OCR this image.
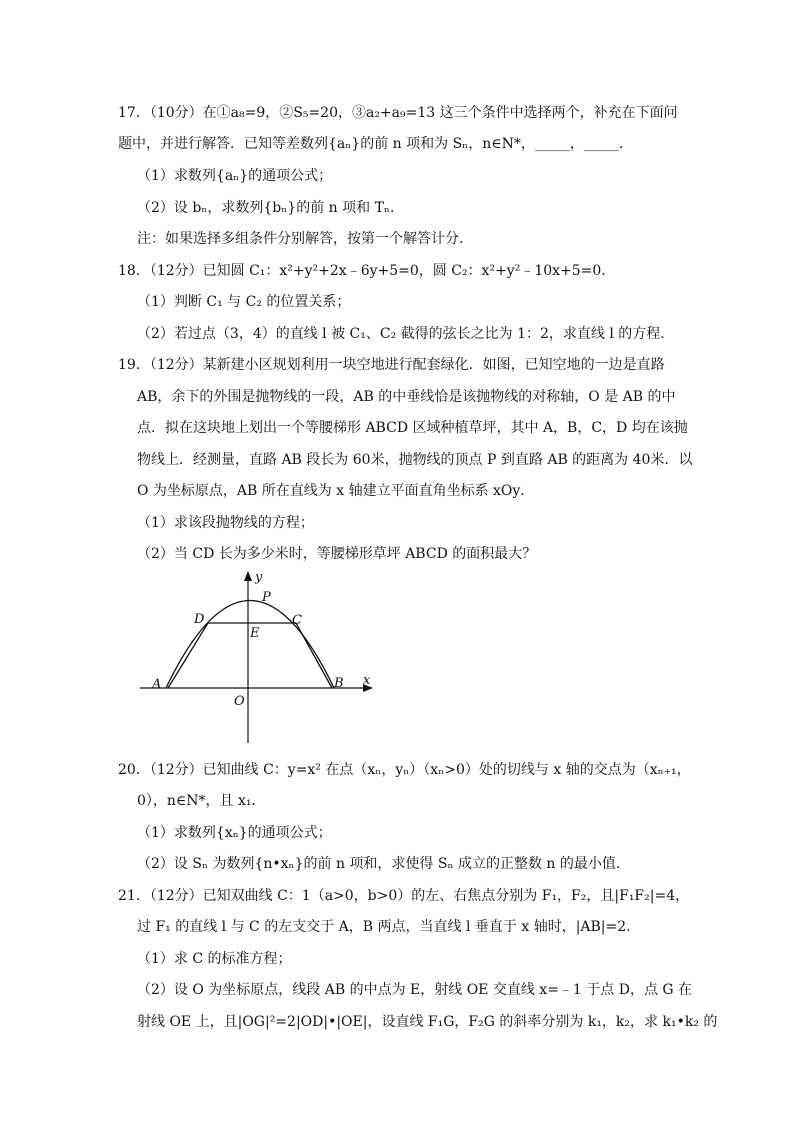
17．（10分）在①a₈=9，②S₅=20，③a₂+a₉=13 这三个条件中选择两个，补充在下面问
题中，并进行解答．已知等差数列{aₙ}的前 n 项和为 Sₙ，n∈N*，_____，_____．
（1）求数列{aₙ}的通项公式；
（2）设 bₙ，求数列{bₙ}的前 n 项和 Tₙ．
注：如果选择多组条件分别解答，按第一个解答计分．
18．（12分）已知圆 C₁：x²+y²+2x﹣6y+5=0，圆 C₂：x²+y²﹣10x+5=0．
（1）判断 C₁ 与 C₂ 的位置关系；
（2）若过点（3，4）的直线 l 被 C₁、C₂ 截得的弦长之比为 1：2，求直线 l 的方程．
19．（12分）某新建小区规划利用一块空地进行配套绿化．如图，已知空地的一边是直路
AB，余下的外围是抛物线的一段，AB 的中垂线恰是该抛物线的对称轴，O 是 AB 的中
点．拟在这块地上划出一个等腰梯形 ABCD 区域种植草坪，其中 A，B，C，D 均在该抛
物线上．经测量，直路 AB 段长为 60米，抛物线的顶点 P 到直路 AB 的距离为 40米．以
O 为坐标原点，AB 所在直线为 x 轴建立平面直角坐标系 xOy．
（1）求该段抛物线的方程；
（2）当 CD 长为多少米时，等腰梯形草坪 ABCD 的面积最大？
y
x
P
D	C
E
A	B
O
20．（12分）已知曲线 C：y=x² 在点（xₙ，yₙ）（xₙ>0）处的切线与 x 轴的交点为（xₙ₊₁，
0），n∈N*，且 x₁．
（1）求数列{xₙ}的通项公式；
（2）设 Sₙ 为数列{n•xₙ}的前 n 项和，求使得 Sₙ 成立的正整数 n 的最小值．
21．（12分）已知双曲线 C：1（a>0，b>0）的左、右焦点分别为 F₁，F₂，且|F₁F₂|=4，
过 F₁ 的直线 l 与 C 的左支交于 A，B 两点，当直线 l 垂直于 x 轴时，|AB|=2．
（1）求 C 的标准方程；
（2）设 O 为坐标原点，线段 AB 的中点为 E，射线 OE 交直线 x=﹣1 于点 D，点 G 在
射线 OE 上，且|OG|²=2|OD|•|OE|，设直线 F₁G，F₂G 的斜率分别为 k₁，k₂，求 k₁•k₂ 的
